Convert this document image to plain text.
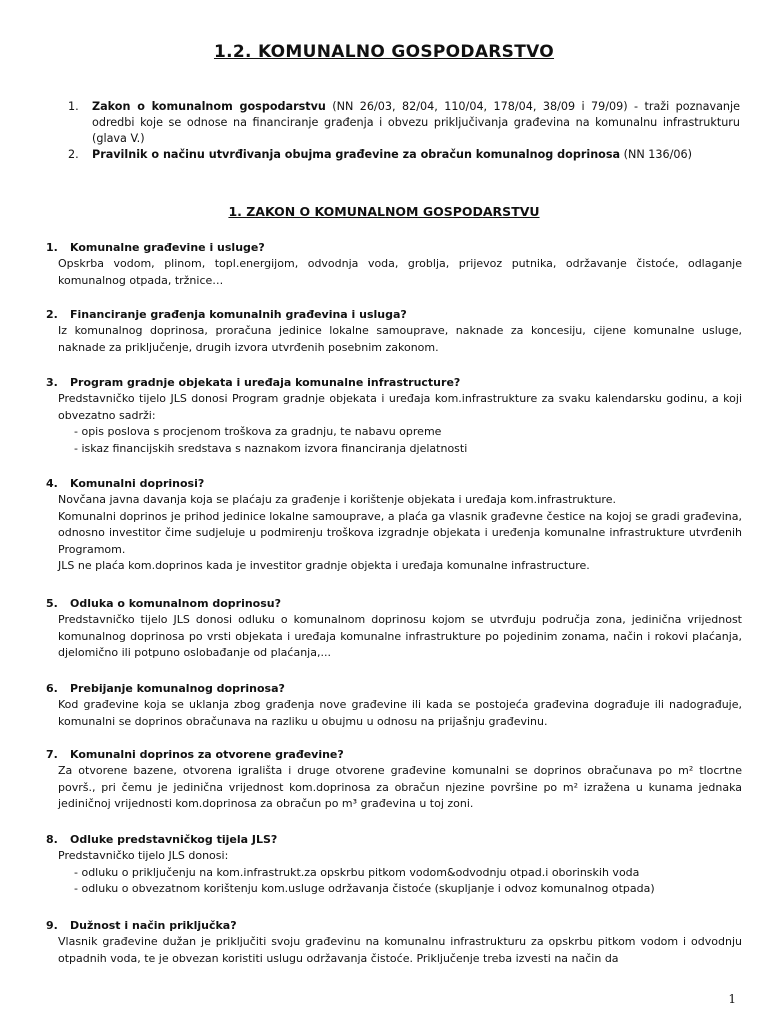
1.2. KOMUNALNO GOSPODARSTVO
1. Zakon o komunalnom gospodarstvu (NN 26/03, 82/04, 110/04, 178/04, 38/09 i 79/09) - traži poznavanje odredbi koje se odnose na financiranje građenja i obvezu priključivanja građevina na komunalnu infrastrukturu (glava V.)
2. Pravilnik o načinu utvrđivanja obujma građevine za obračun komunalnog doprinosa (NN 136/06)
1. ZAKON O KOMUNALNOM GOSPODARSTVU
1. Komunalne građevine i usluge?

Opskrba vodom, plinom, topl.energijom, odvodnja voda, groblja, prijevoz putnika, održavanje čistoće, odlaganje komunalnog otpada, tržnice…

2. Financiranje građenja komunalnih građevina i usluga?

Iz komunalnog doprinosa, proračuna jedinice lokalne samouprave, naknade za koncesiju, cijene komunalne usluge, naknade za priključenje, drugih izvora utvrđenih posebnim zakonom.

3. Program gradnje objekata i uređaja komunalne infrastructure?

Predstavničko tijelo JLS donosi Program gradnje objekata i uređaja kom.infrastrukture za svaku kalendarsku godinu, a koji obvezatno sadrži:

- opis poslova s procjenom troškova za gradnju, te nabavu opreme

- iskaz financijskih sredstava s naznakom izvora financiranja djelatnosti

4. Komunalni doprinosi?

Novčana javna davanja koja se plaćaju za građenje i korištenje objekata i uređaja kom.infrastrukture.

Komunalni doprinos je prihod jedinice lokalne samouprave, a plaća ga vlasnik građevne čestice na kojoj se gradi građevina, odnosno investitor čime sudjeluje u podmirenju troškova izgradnje objekata i uređenja komunalne infrastrukture utvrđenih Programom.

JLS ne plaća kom.doprinos kada je investitor gradnje objekta i uređaja komunalne infrastructure.

5. Odluka o komunalnom doprinosu?

Predstavničko tijelo JLS donosi odluku o komunalnom doprinosu kojom se utvrđuju područja zona, jedinična vrijednost komunalnog doprinosa po vrsti objekata i uređaja komunalne infrastrukture po pojedinim zonama, način i rokovi plaćanja, djelomično ili potpuno oslobađanje od plaćanja,...

6. Prebijanje komunalnog doprinosa?

Kod građevine koja se uklanja zbog građenja nove građevine ili kada se postojeća građevina dograđuje ili nadograđuje, komunalni se doprinos obračunava na razliku u obujmu u odnosu na prijašnju građevinu.

7. Komunalni doprinos za otvorene građevine?

Za otvorene bazene, otvorena igrališta i druge otvorene građevine komunalni se doprinos obračunava po m² tlocrtne površ., pri čemu je jedinična vrijednost kom.doprinosa za obračun njezine površine po m² izražena u kunama jednaka jediničnoj vrijednosti kom.doprinosa za obračun po m³ građevina u toj zoni.

8. Odluke predstavničkog tijela JLS?

Predstavničko tijelo JLS donosi:

- odluku o priključenju na kom.infrastrukt.za opskrbu pitkom vodom&odvodnju otpad.i oborinskih voda

- odluku o obvezatnom korištenju kom.usluge održavanja čistoće (skupljanje i odvoz komunalnog otpada)

9. Dužnost i način priključka?

Vlasnik građevine dužan je priključiti svoju građevinu na komunalnu infrastrukturu za opskrbu pitkom vodom i odvodnju otpadnih voda, te je obvezan koristiti uslugu održavanja čistoće. Priključenje treba izvesti na način da

1
